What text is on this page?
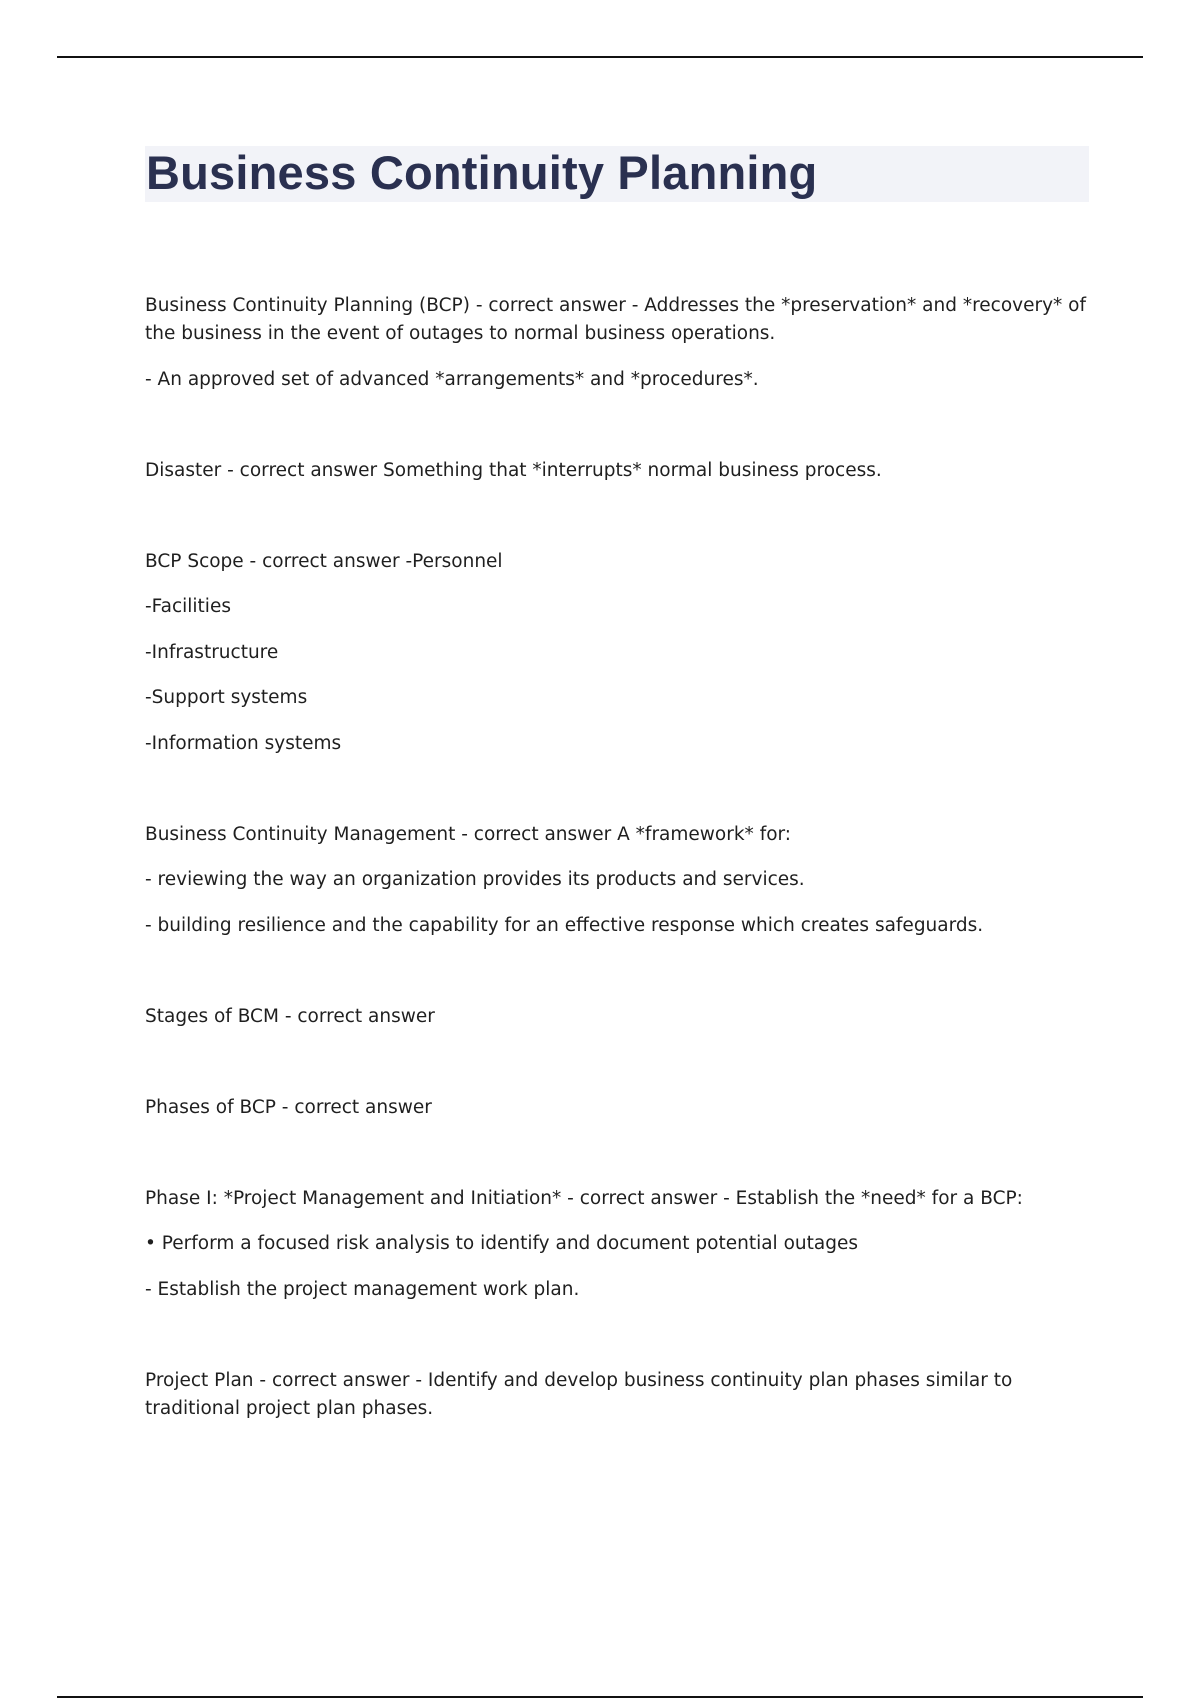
Business Continuity Planning

Business Continuity Planning (BCP) - correct answer - Addresses the *preservation* and *recovery* of the business in the event of outages to normal business operations.

- An approved set of advanced *arrangements* and *procedures*.

Disaster - correct answer Something that *interrupts* normal business process.

BCP Scope - correct answer -Personnel

-Facilities

-Infrastructure

-Support systems

-Information systems

Business Continuity Management - correct answer A *framework* for:

- reviewing the way an organization provides its products and services.

- building resilience and the capability for an effective response which creates safeguards.

Stages of BCM - correct answer

Phases of BCP - correct answer

Phase I: *Project Management and Initiation* - correct answer - Establish the *need* for a BCP:

• Perform a focused risk analysis to identify and document potential outages

- Establish the project management work plan.

Project Plan - correct answer - Identify and develop business continuity plan phases similar to traditional project plan phases.
